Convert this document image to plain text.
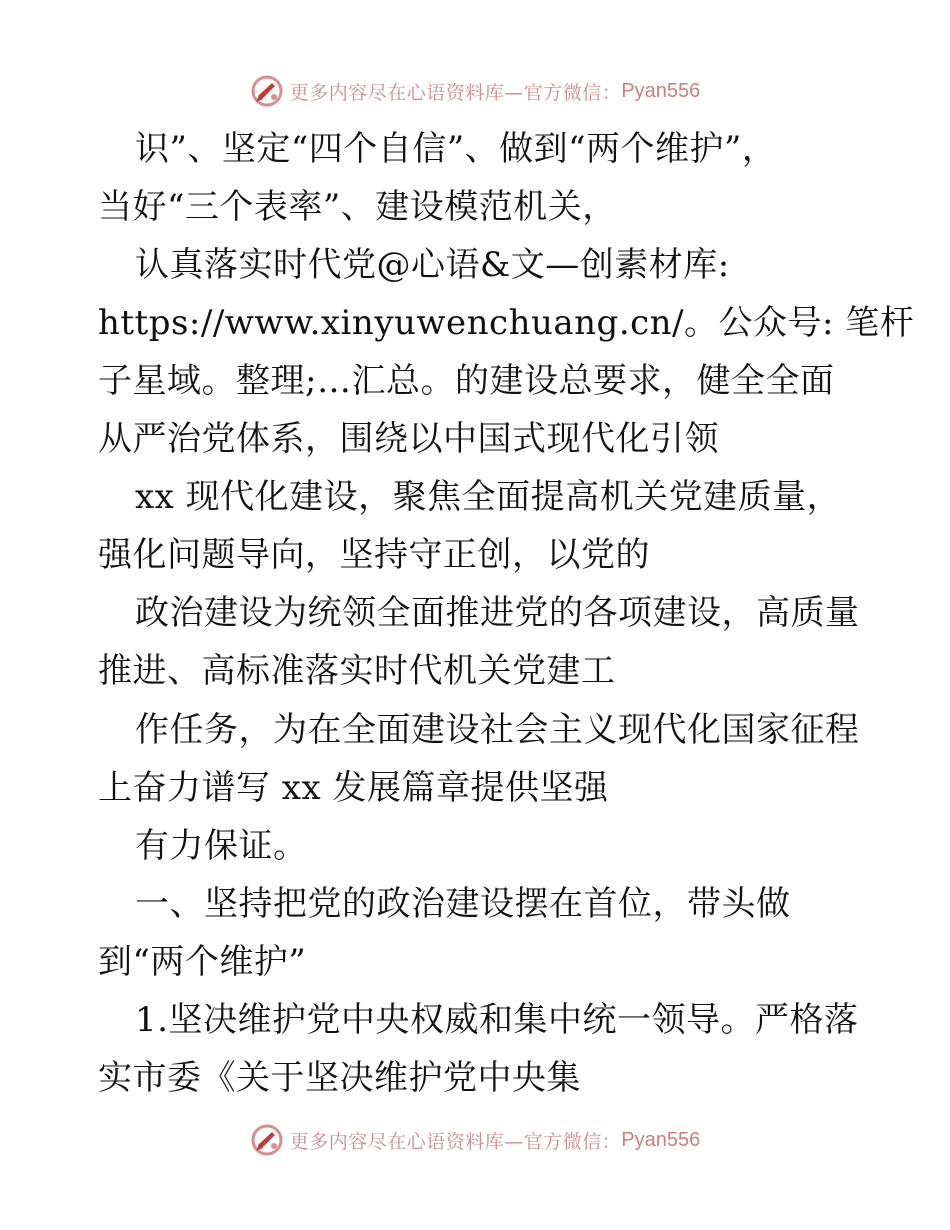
更多内容尽在心语资料库—官方微信： Pyan556
识”、坚定“四个自信”、做到“两个维护”，
当好“三个表率”、建设模范机关，
认真落实时代党@心语&文—创素材库:
https://www.xinyuwenchuang.cn/。公众号: 笔杆
子星域。整理;…汇总。的建设总要求，健全全面
从严治党体系，围绕以中国式现代化引领
xx 现代化建设，聚焦全面提高机关党建质量，
强化问题导向，坚持守正创，以党的
政治建设为统领全面推进党的各项建设，高质量
推进、高标准落实时代机关党建工
作任务，为在全面建设社会主义现代化国家征程
上奋力谱写 xx 发展篇章提供坚强
有力保证。
一、坚持把党的政治建设摆在首位，带头做
到“两个维护”
1.坚决维护党中央权威和集中统一领导。严格落
实市委《关于坚决维护党中央集
更多内容尽在心语资料库—官方微信： Pyan556
